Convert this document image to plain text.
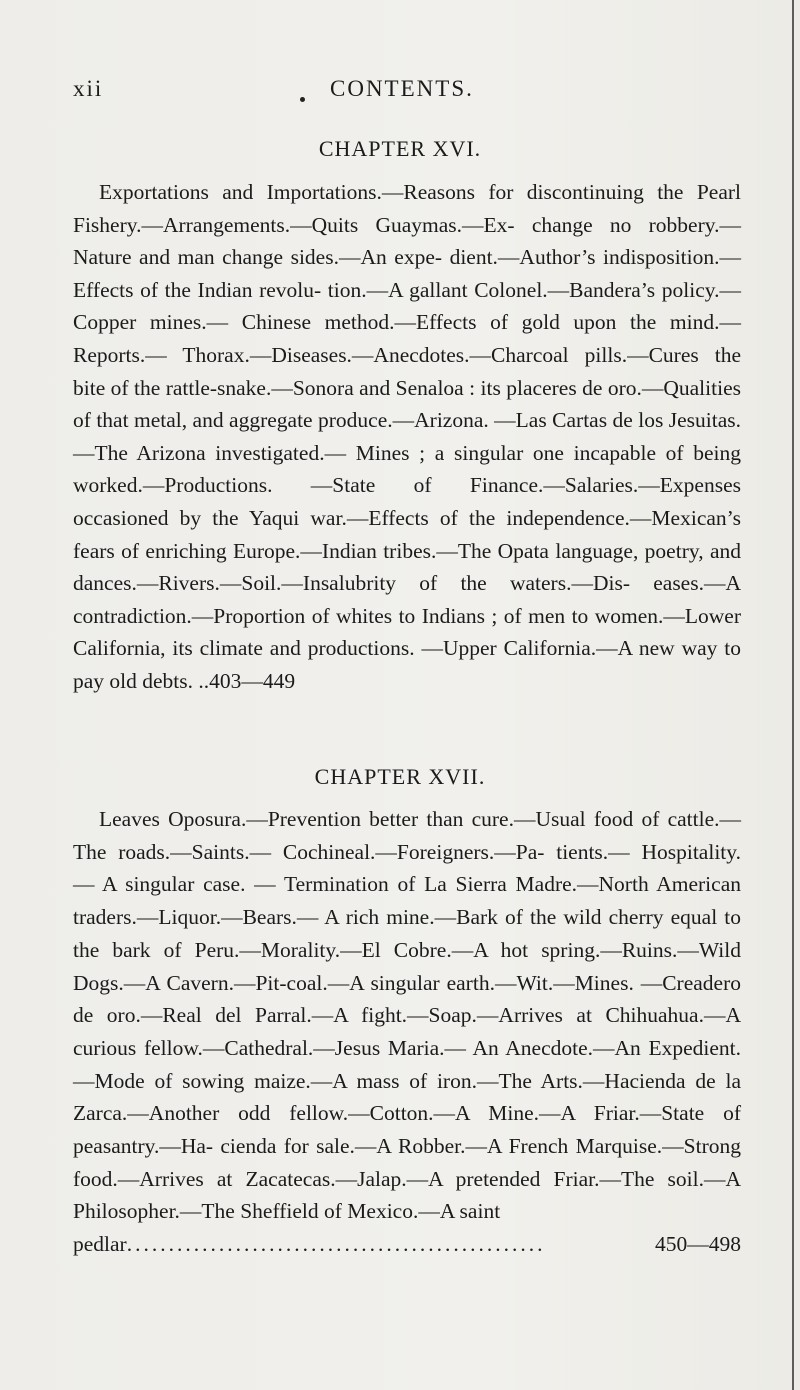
xii	CONTENTS.
CHAPTER XVI.
Exportations and Importations.—Reasons for discontinuing the Pearl Fishery.—Arrangements.—Quits Guaymas.—Ex- change no robbery.—Nature and man change sides.—An expe- dient.—Author’s indisposition.—Effects of the Indian revolu- tion.—A gallant Colonel.—Bandera’s policy.—Copper mines.— Chinese method.—Effects of gold upon the mind.—Reports.— Thorax.—Diseases.—Anecdotes.—Charcoal pills.—Cures the bite of the rattle-snake.—Sonora and Senaloa : its placeres de oro.—Qualities of that metal, and aggregate produce.—Arizona. —Las Cartas de los Jesuitas.—The Arizona investigated.— Mines ; a singular one incapable of being worked.—Productions. —State of Finance.—Salaries.—Expenses occasioned by the Yaqui war.—Effects of the independence.—Mexican’s fears of enriching Europe.—Indian tribes.—The Opata language, poetry, and dances.—Rivers.—Soil.—Insalubrity of the waters.—Dis- eases.—A contradiction.—Proportion of whites to Indians ; of men to women.—Lower California, its climate and productions. —Upper California.—A new way to pay old debts. ..403—449
CHAPTER XVII.
Leaves Oposura.—Prevention better than cure.—Usual food of cattle.—The roads.—Saints.— Cochineal.—Foreigners.—Pa- tients.— Hospitality. — A singular case. — Termination of La Sierra Madre.—North American traders.—Liquor.—Bears.— A rich mine.—Bark of the wild cherry equal to the bark of Peru.—Morality.—El Cobre.—A hot spring.—Ruins.—Wild Dogs.—A Cavern.—Pit-coal.—A singular earth.—Wit.—Mines. —Creadero de oro.—Real del Parral.—A fight.—Soap.—Arrives at Chihuahua.—A curious fellow.—Cathedral.—Jesus Maria.— An Anecdote.—An Expedient.—Mode of sowing maize.—A mass of iron.—The Arts.—Hacienda de la Zarca.—Another odd fellow.—Cotton.—A Mine.—A Friar.—State of peasantry.—Ha- cienda for sale.—A Robber.—A French Marquise.—Strong food.—Arrives at Zacatecas.—Jalap.—A pretended Friar.—The soil.—A Philosopher.—The Sheffield of Mexico.—A saint
pedlar ..................................................	450—498
